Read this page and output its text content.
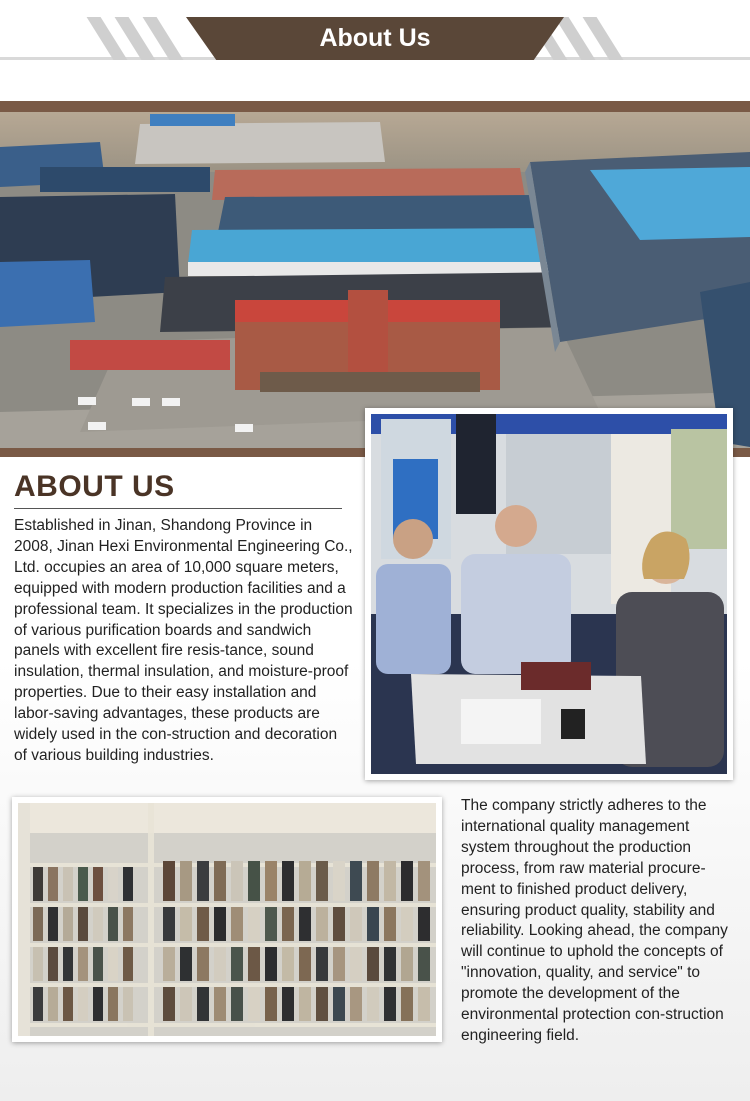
About Us
ABOUT US

Established in Jinan, Shandong Province in 2008, Jinan Hexi Environmental Engineering Co., Ltd. occupies an area of 10,000 square meters, equipped with modern production facilities and a professional team. It specializes in the production of various purification boards and sandwich panels with excellent fire resis-tance, sound insulation, thermal insulation, and moisture-proof properties. Due to their easy installation and labor-saving advantages, these products are widely used in the con-struction and decoration of various building industries.

The company strictly adheres to the international quality management system throughout the production process, from raw material procure-ment to finished product delivery, ensuring product quality, stability and reliability. Looking ahead, the company will continue to uphold the concepts of "innovation, quality, and service" to promote the development of the environmental protection con-struction engineering field.
